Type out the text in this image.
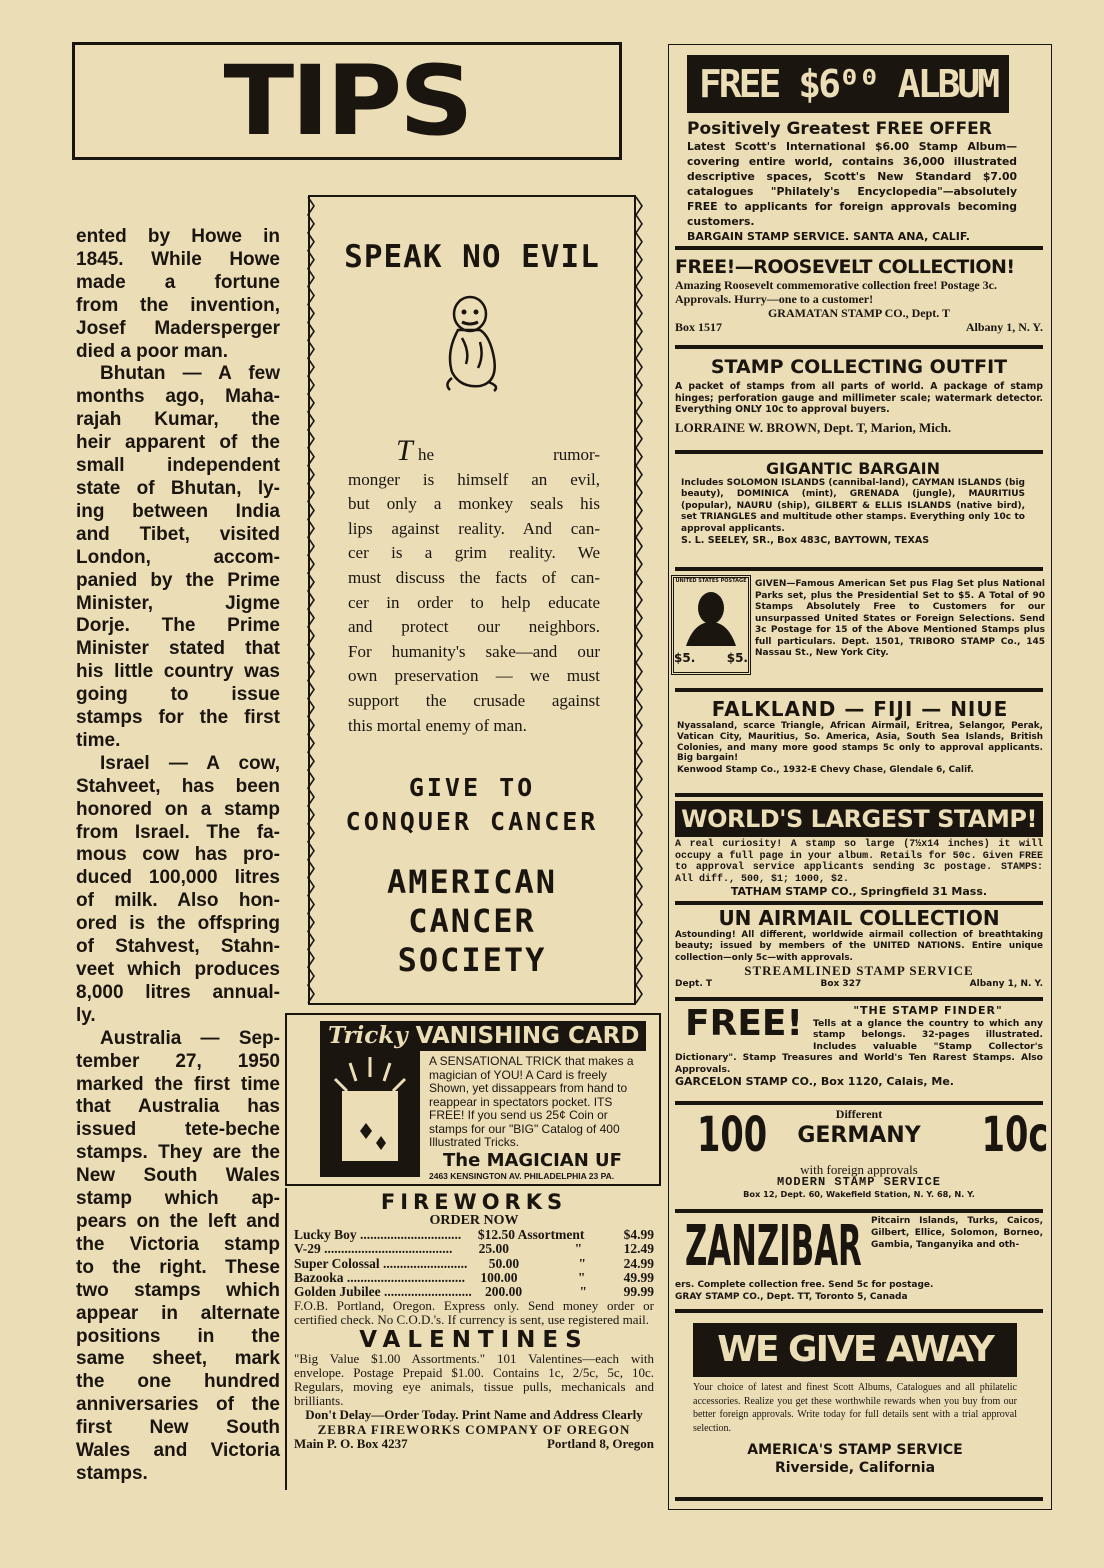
TIPS
ented by Howe in
1845. While Howe
made a fortune
from the invention,
Josef Madersperger
died a poor man.
Bhutan — A few
months ago, Maha-
rajah Kumar, the
heir apparent of the
small independent
state of Bhutan, ly-
ing between India
and Tibet, visited
London, accom-
panied by the Prime
Minister, Jigme
Dorje. The Prime
Minister stated that
his little country was
going to issue
stamps for the first
time.
Israel — A cow,
Stahveet, has been
honored on a stamp
from Israel. The fa-
mous cow has pro-
duced 100,000 litres
of milk. Also hon-
ored is the offspring
of Stahvest, Stahn-
veet which produces
8,000 litres annual-
ly.
Australia — Sep-
tember 27, 1950
marked the first time
that Australia has
issued tete-beche
stamps. They are the
New South Wales
stamp which ap-
pears on the left and
the Victoria stamp
to the right. These
two stamps which
appear in alternate
positions in the
same sheet, mark
the one hundred
anniversaries of the
first New South
Wales and Victoria
stamps.
SPEAK NO EVIL
T he rumor-
monger is himself an evil,
but only a monkey seals his
lips against reality. And can-
cer is a grim reality. We
must discuss the facts of can-
cer in order to help educate
and protect our neighbors.
For humanity's sake—and our
own preservation — we must
support the crusade against
this mortal enemy of man.
GIVE TO
CONQUER CANCER
AMERICAN
CANCER
SOCIETY
Tricky VANISHING CARD
A SENSATIONAL TRICK that makes a magician of YOU! A Card is freely Shown, yet dissappears from hand to reappear in spectators pocket. ITS FREE! If you send us 25¢ Coin or stamps for our "BIG" Catalog of 400 Illustrated Tricks.
The MAGICIAN UF
2463 KENSINGTON AV. PHILADELPHIA 23 PA.
FIREWORKS
ORDER NOW
Lucky Boy ..............................	$12.50 Assortment	$4.99
V-29 ......................................	25.00	"	12.49
Super Colossal .........................	50.00	"	24.99
Bazooka ...................................	100.00	"	49.99
Golden Jubilee .......................... 200.00	"	99.99
F.O.B. Portland, Oregon. Express only. Send money order or certified check. No C.O.D.'s. If currency is sent, use registered mail.
VALENTINES
"Big Value $1.00 Assortments." 101 Valentines—each with envelope. Postage Prepaid $1.00. Contains 1c, 2/5c, 5c, 10c. Regulars, moving eye animals, tissue pulls, mechanicals and brilliants.
Don't Delay—Order Today. Print Name and Address Clearly
ZEBRA FIREWORKS COMPANY OF OREGON
Main P. O. Box 4237	Portland 8, Oregon
FREE $6⁰⁰ ALBUM
Positively Greatest FREE OFFER
Latest Scott's International $6.00 Stamp Album—covering entire world, contains 36,000 illustrated descriptive spaces, Scott's New Standard $7.00 catalogues "Philately's Encyclopedia"—absolutely FREE to applicants for foreign approvals becoming customers.
BARGAIN STAMP SERVICE. SANTA ANA, CALIF.
FREE!—ROOSEVELT COLLECTION!
Amazing Roosevelt commemorative collection free! Postage 3c. Approvals. Hurry—one to a customer!
GRAMATAN STAMP CO., Dept. T
Box 1517	Albany 1, N. Y.
STAMP COLLECTING OUTFIT
A packet of stamps from all parts of world. A package of stamp hinges; perforation gauge and millimeter scale; watermark detector. Everything ONLY 10c to approval buyers.
LORRAINE W. BROWN, Dept. T, Marion, Mich.
GIGANTIC BARGAIN
Includes SOLOMON ISLANDS (cannibal-land), CAYMAN ISLANDS (big beauty), DOMINICA (mint), GRENADA (jungle), MAURITIUS (popular), NAURU (ship), GILBERT & ELLIS ISLANDS (native bird), set TRIANGLES and multitude other stamps. Everything only 10c to approval applicants.
S. L. SEELEY, SR., Box 483C, BAYTOWN, TEXAS
UNITED STATES POSTAGE
$5.	$5.
GIVEN—Famous American Set pus Flag Set plus National Parks set, plus the Presidential Set to $5. A Total of 90 Stamps Absolutely Free to Customers for our unsurpassed United States or Foreign Selections. Send 3c Postage for 15 of the Above Mentioned Stamps plus full particulars. Dept. 1501, TRIBORO STAMP Co., 145 Nassau St., New York City.
FALKLAND — FIJI — NIUE
Nyassaland, scarce Triangle, African Airmail, Eritrea, Selangor, Perak, Vatican City, Mauritius, So. America, Asia, South Sea Islands, British Colonies, and many more good stamps 5c only to approval applicants. Big bargain!
Kenwood Stamp Co., 1932-E Chevy Chase, Glendale 6, Calif.
WORLD'S LARGEST STAMP!
A real curiosity! A stamp so large (7½x14 inches) it will occupy a full page in your album. Retails for 50c. Given FREE to approval service applicants sending 3c postage. STAMPS: All diff., 500, $1; 1000, $2.
TATHAM STAMP CO., Springfield 31 Mass.
UN AIRMAIL COLLECTION
Astounding! All different, worldwide airmail collection of breathtaking beauty; issued by members of the UNITED NATIONS. Entire unique collection—only 5c—with approvals.
STREAMLINED STAMP SERVICE
Dept. T	Box 327	Albany 1, N. Y.
FREE!	"THE STAMP FINDER"
Tells at a glance the country to which any stamp belongs. 32-pages illustrated. Includes valuable "Stamp Collector's Dictionary". Stamp Treasures and World's Ten Rarest Stamps. Also Approvals.
GARCELON STAMP CO., Box 1120, Calais, Me.
100	Different
GERMANY	10c
with foreign approvals
MODERN STAMP SERVICE
Box 12, Dept. 60, Wakefield Station, N. Y. 68, N. Y.
ZANZIBAR	Pitcairn Islands, Turks, Caicos, Gilbert, Ellice, Solomon, Borneo, Gambia, Tanganyika and oth-
ers. Complete collection free. Send 5c for postage.
GRAY STAMP CO., Dept. TT, Toronto 5, Canada
WE GIVE AWAY
Your choice of latest and finest Scott Albums, Catalogues and all philatelic accessories. Realize you get these worthwhile rewards when you buy from our better foreign approvals. Write today for full details sent with a trial approval selection.
AMERICA'S STAMP SERVICE
Riverside, California
